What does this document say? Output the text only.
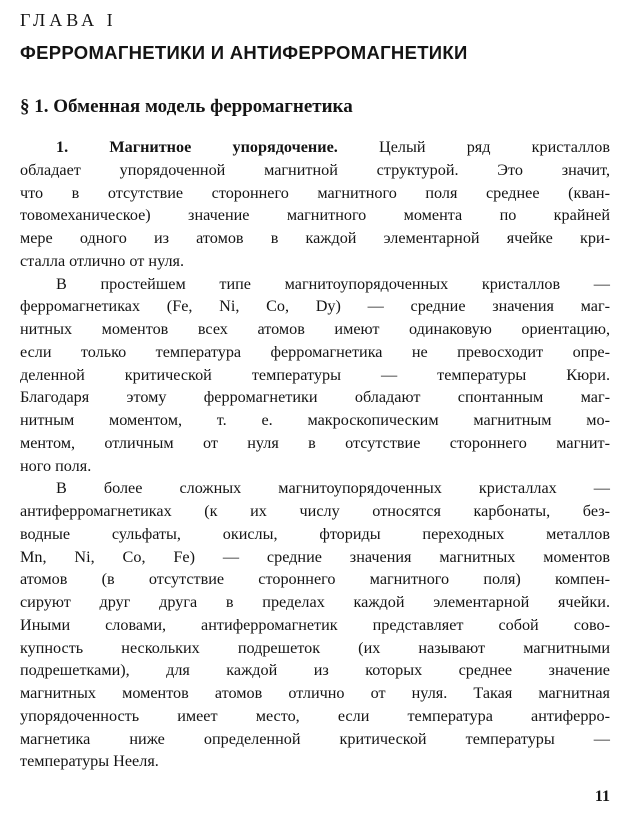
ГЛАВА I
ФЕРРОМАГНЕТИКИ И АНТИФЕРРОМАГНЕТИКИ
§ 1. Обменная модель ферромагнетика
1. Магнитное упорядочение. Целый ряд кристаллов
обладает упорядоченной магнитной структурой. Это значит,
что в отсутствие стороннего магнитного поля среднее (кван-
товомеханическое) значение магнитного момента по крайней
мере одного из атомов в каждой элементарной ячейке кри-
сталла отлично от нуля.
В простейшем типе магнитоупорядоченных кристаллов —
ферромагнетиках (Fe, Ni, Co, Dy) — средние значения маг-
нитных моментов всех атомов имеют одинаковую ориентацию,
если только температура ферромагнетика не превосходит опре-
деленной критической температуры — температуры Кюри.
Благодаря этому ферромагнетики обладают спонтанным маг-
нитным моментом, т. е. макроскопическим магнитным мо-
ментом, отличным от нуля в отсутствие стороннего магнит-
ного поля.
В более сложных магнитоупорядоченных кристаллах —
антиферромагнетиках (к их числу относятся карбонаты, без-
водные сульфаты, окислы, фториды переходных металлов
Mn, Ni, Co, Fe) — средние значения магнитных моментов
атомов (в отсутствие стороннего магнитного поля) компен-
сируют друг друга в пределах каждой элементарной ячейки.
Иными словами, антиферромагнетик представляет собой сово-
купность нескольких подрешеток (их называют магнитными
подрешетками), для каждой из которых среднее значение
магнитных моментов атомов отлично от нуля. Такая магнитная
упорядоченность имеет место, если температура антиферро-
магнетика ниже определенной критической температуры —
температуры Нееля.
11
